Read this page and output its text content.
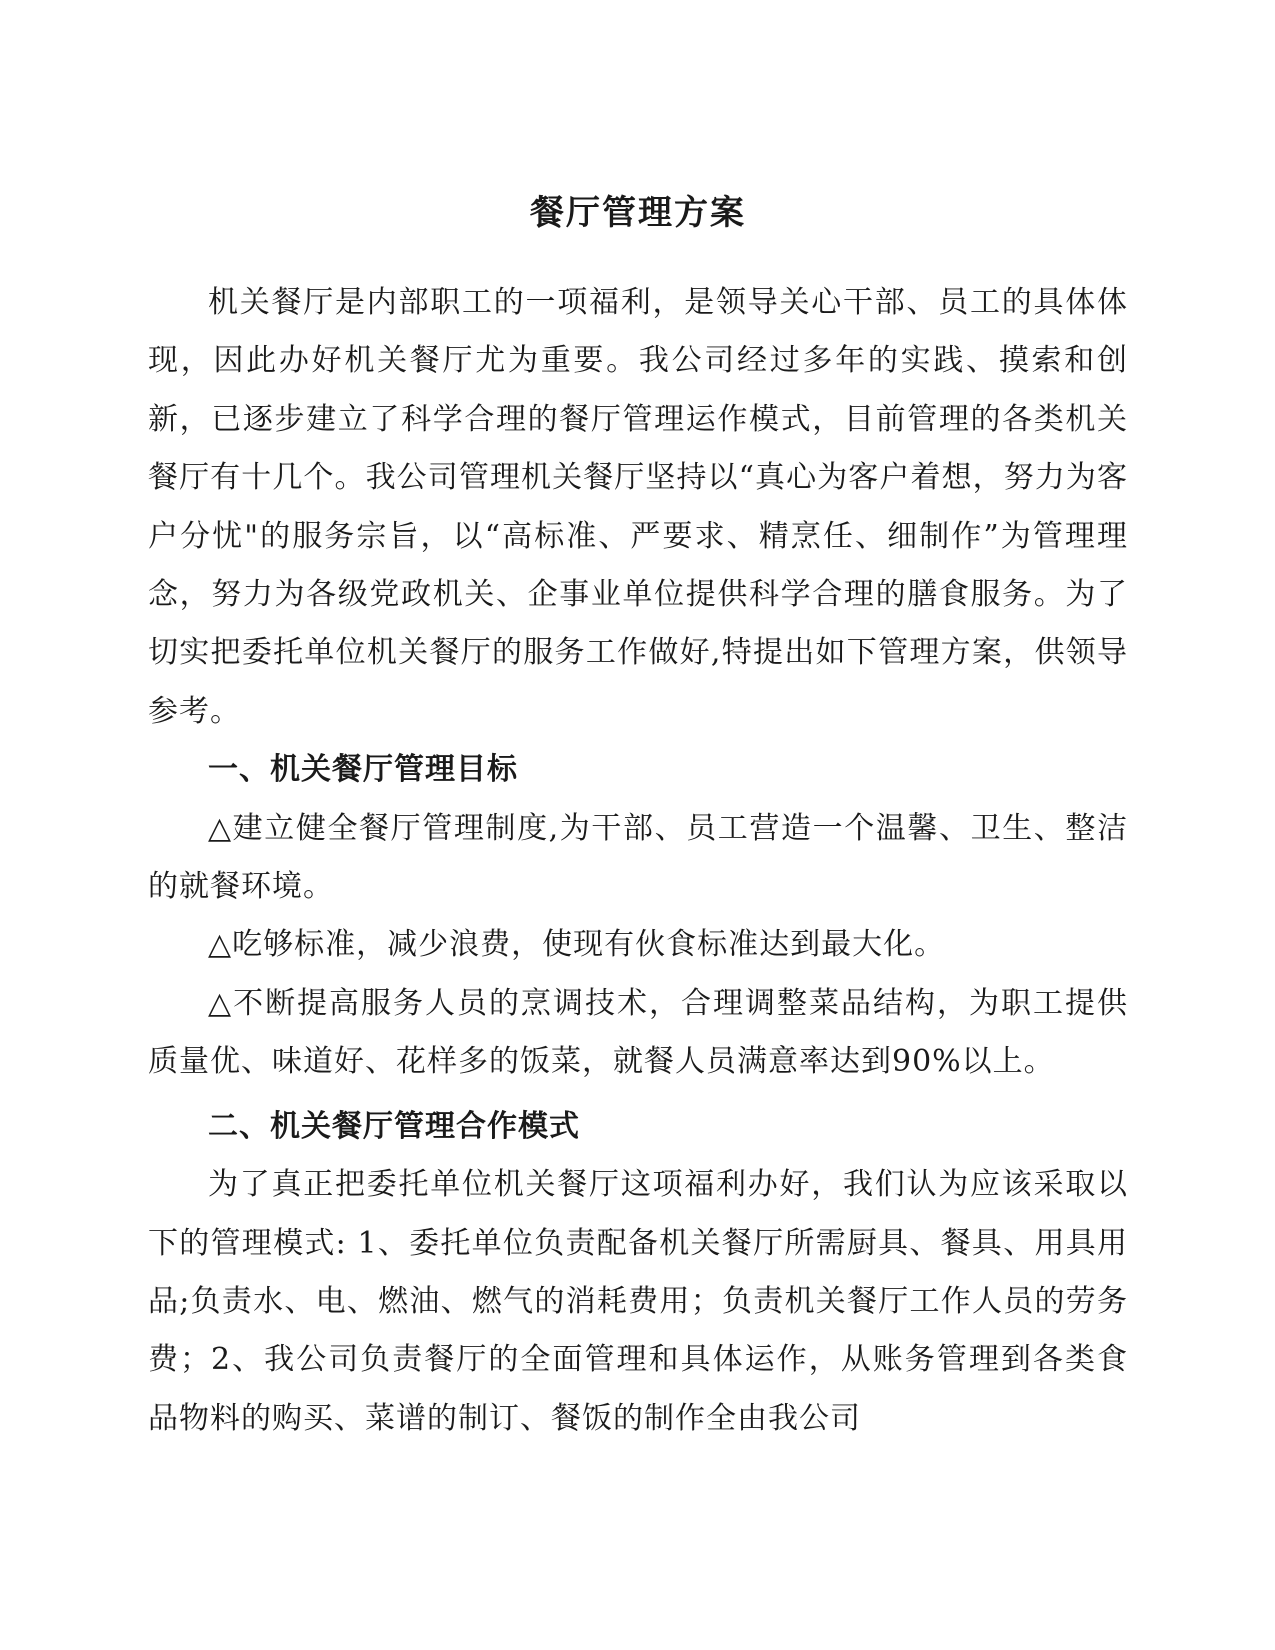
餐厅管理方案

机关餐厅是内部职工的一项福利，是领导关心干部、员工的具体体现，因此办好机关餐厅尤为重要。我公司经过多年的实践、摸索和创新，已逐步建立了科学合理的餐厅管理运作模式，目前管理的各类机关餐厅有十几个。我公司管理机关餐厅坚持以“真心为客户着想，努力为客户分忧"的服务宗旨，以“高标准、严要求、精烹任、细制作”为管理理念，努力为各级党政机关、企事业单位提供科学合理的膳食服务。为了切实把委托单位机关餐厅的服务工作做好,特提出如下管理方案，供领导参考。

一、机关餐厅管理目标

△建立健全餐厅管理制度,为干部、员工营造一个温馨、卫生、整洁的就餐环境。

△吃够标准，减少浪费，使现有伙食标准达到最大化。

△不断提高服务人员的烹调技术，合理调整菜品结构，为职工提供质量优、味道好、花样多的饭菜，就餐人员满意率达到90%以上。

二、机关餐厅管理合作模式

为了真正把委托单位机关餐厅这项福利办好，我们认为应该采取以下的管理模式: 1、委托单位负责配备机关餐厅所需厨具、餐具、用具用品;负责水、电、燃油、燃气的消耗费用；负责机关餐厅工作人员的劳务费；2、我公司负责餐厅的全面管理和具体运作，从账务管理到各类食品物料的购买、菜谱的制订、餐饭的制作全由我公司
